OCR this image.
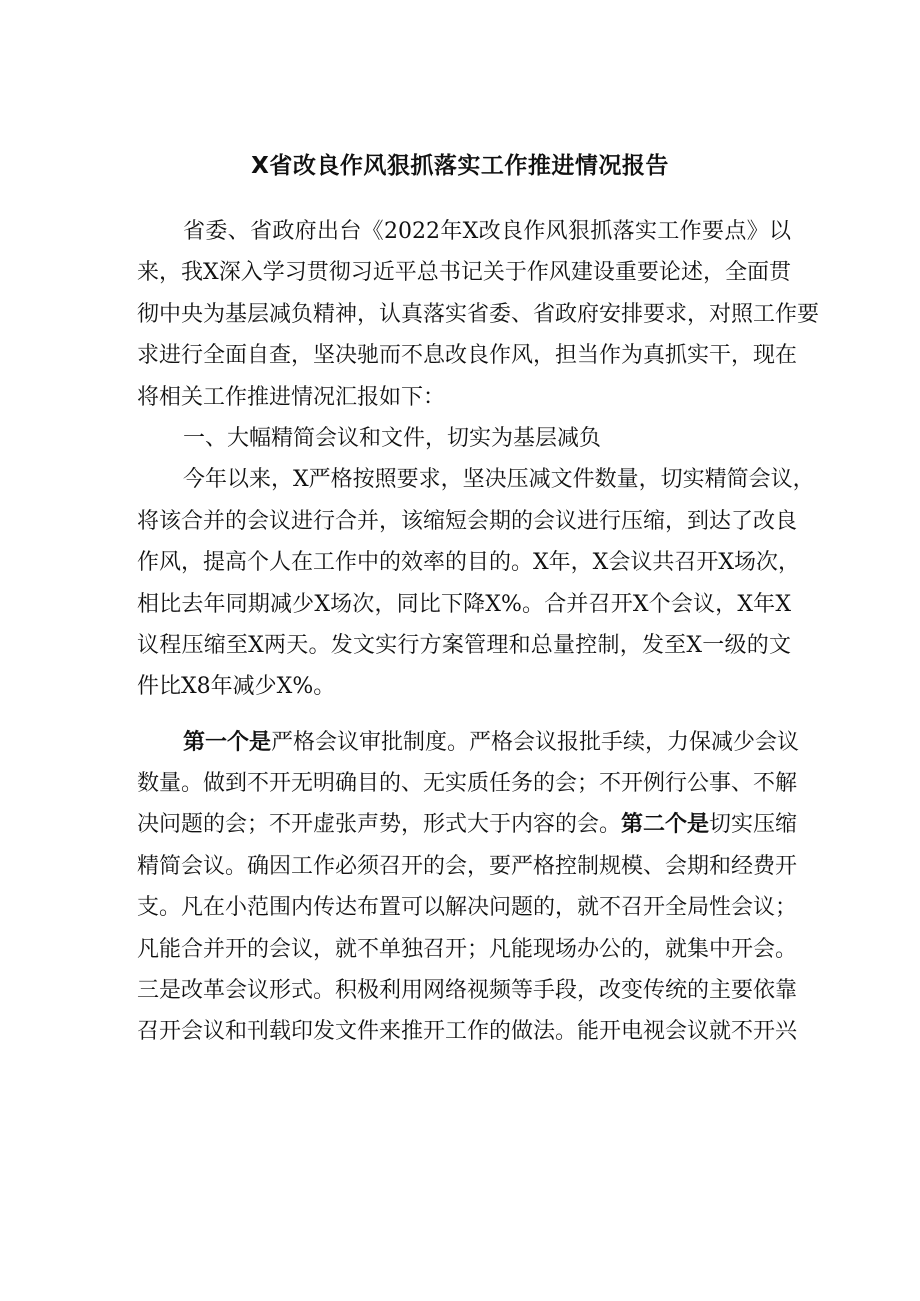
X省改良作风狠抓落实工作推进情况报告
省委、省政府出台《2022年X改良作风狠抓落实工作要点》以
来，我X深入学习贯彻习近平总书记关于作风建设重要论述，全面贯
彻中央为基层减负精神，认真落实省委、省政府安排要求，对照工作要
求进行全面自查，坚决驰而不息改良作风，担当作为真抓实干，现在
将相关工作推进情况汇报如下：
一、大幅精简会议和文件，切实为基层减负
今年以来，X严格按照要求，坚决压减文件数量，切实精简会议，
将该合并的会议进行合并，该缩短会期的会议进行压缩，到达了改良
作风，提高个人在工作中的效率的目的。X年，X会议共召开X场次，
相比去年同期减少X场次，同比下降X%。合并召开X个会议，X年X
议程压缩至X两天。发文实行方案管理和总量控制，发至X一级的文
件比X8年减少X%。
第一个是严格会议审批制度。严格会议报批手续，力保减少会议
数量。做到不开无明确目的、无实质任务的会；不开例行公事、不解
决问题的会；不开虚张声势，形式大于内容的会。第二个是切实压缩
精简会议。确因工作必须召开的会，要严格控制规模、会期和经费开
支。凡在小范围内传达布置可以解决问题的，就不召开全局性会议；
凡能合并开的会议，就不单独召开；凡能现场办公的，就集中开会。
三是改革会议形式。积极利用网络视频等手段，改变传统的主要依靠
召开会议和刊载印发文件来推开工作的做法。能开电视会议就不开兴
